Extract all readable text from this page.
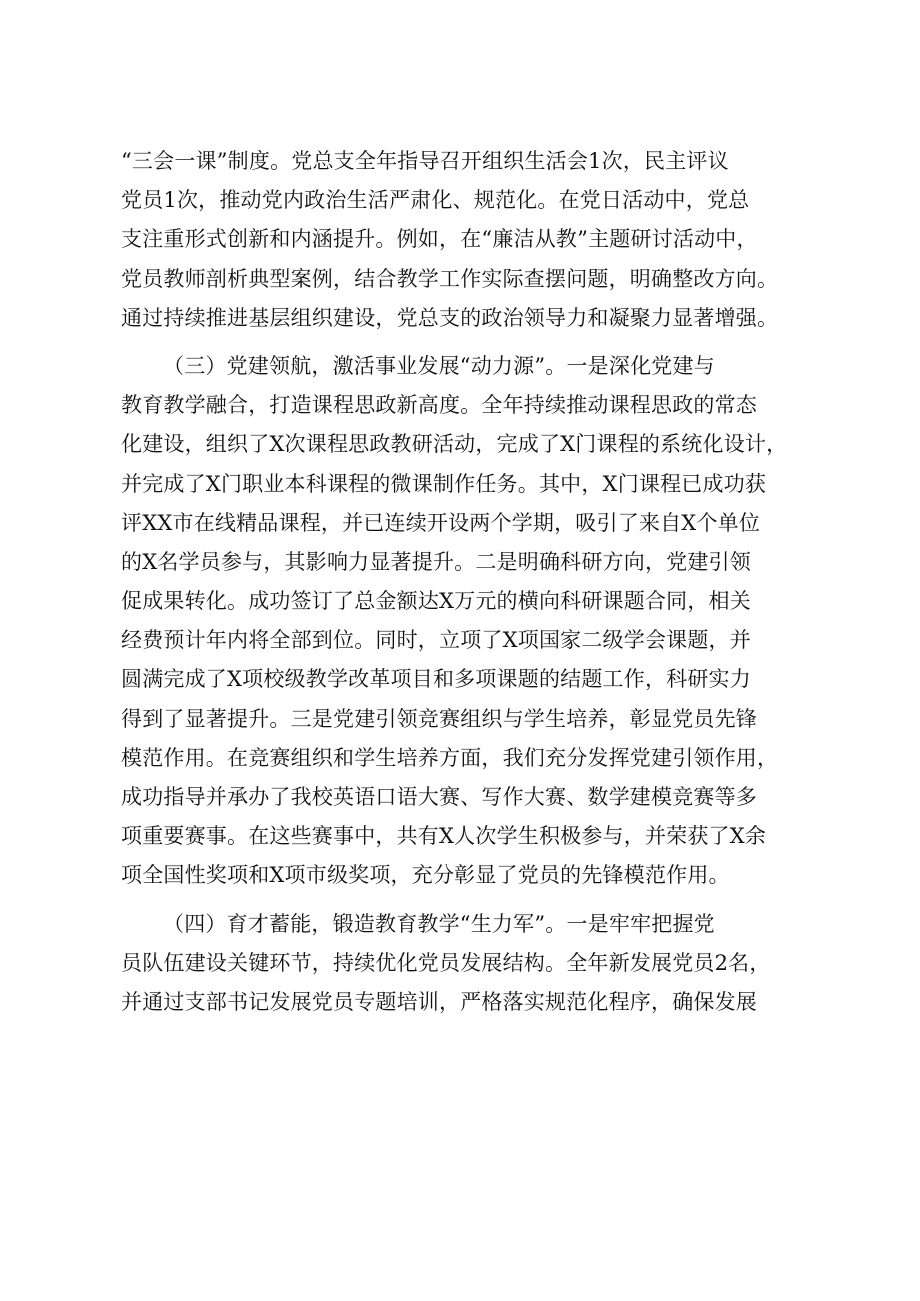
“三会一课”制度。党总支全年指导召开组织生活会1次，民主评议
党员1次，推动党内政治生活严肃化、规范化。在党日活动中，党总
支注重形式创新和内涵提升。例如，在“廉洁从教”主题研讨活动中，
党员教师剖析典型案例，结合教学工作实际查摆问题，明确整改方向。
通过持续推进基层组织建设，党总支的政治领导力和凝聚力显著增强。
（三）党建领航，激活事业发展“动力源”。一是深化党建与
教育教学融合，打造课程思政新高度。全年持续推动课程思政的常态
化建设，组织了X次课程思政教研活动，完成了X门课程的系统化设计，
并完成了X门职业本科课程的微课制作任务。其中，X门课程已成功获
评XX市在线精品课程，并已连续开设两个学期，吸引了来自X个单位
的X名学员参与，其影响力显著提升。二是明确科研方向，党建引领
促成果转化。成功签订了总金额达X万元的横向科研课题合同，相关
经费预计年内将全部到位。同时，立项了X项国家二级学会课题，并
圆满完成了X项校级教学改革项目和多项课题的结题工作，科研实力
得到了显著提升。三是党建引领竞赛组织与学生培养，彰显党员先锋
模范作用。在竞赛组织和学生培养方面，我们充分发挥党建引领作用，
成功指导并承办了我校英语口语大赛、写作大赛、数学建模竞赛等多
项重要赛事。在这些赛事中，共有X人次学生积极参与，并荣获了X余
项全国性奖项和X项市级奖项，充分彰显了党员的先锋模范作用。
（四）育才蓄能，锻造教育教学“生力军”。一是牢牢把握党
员队伍建设关键环节，持续优化党员发展结构。全年新发展党员2名，
并通过支部书记发展党员专题培训，严格落实规范化程序，确保发展
